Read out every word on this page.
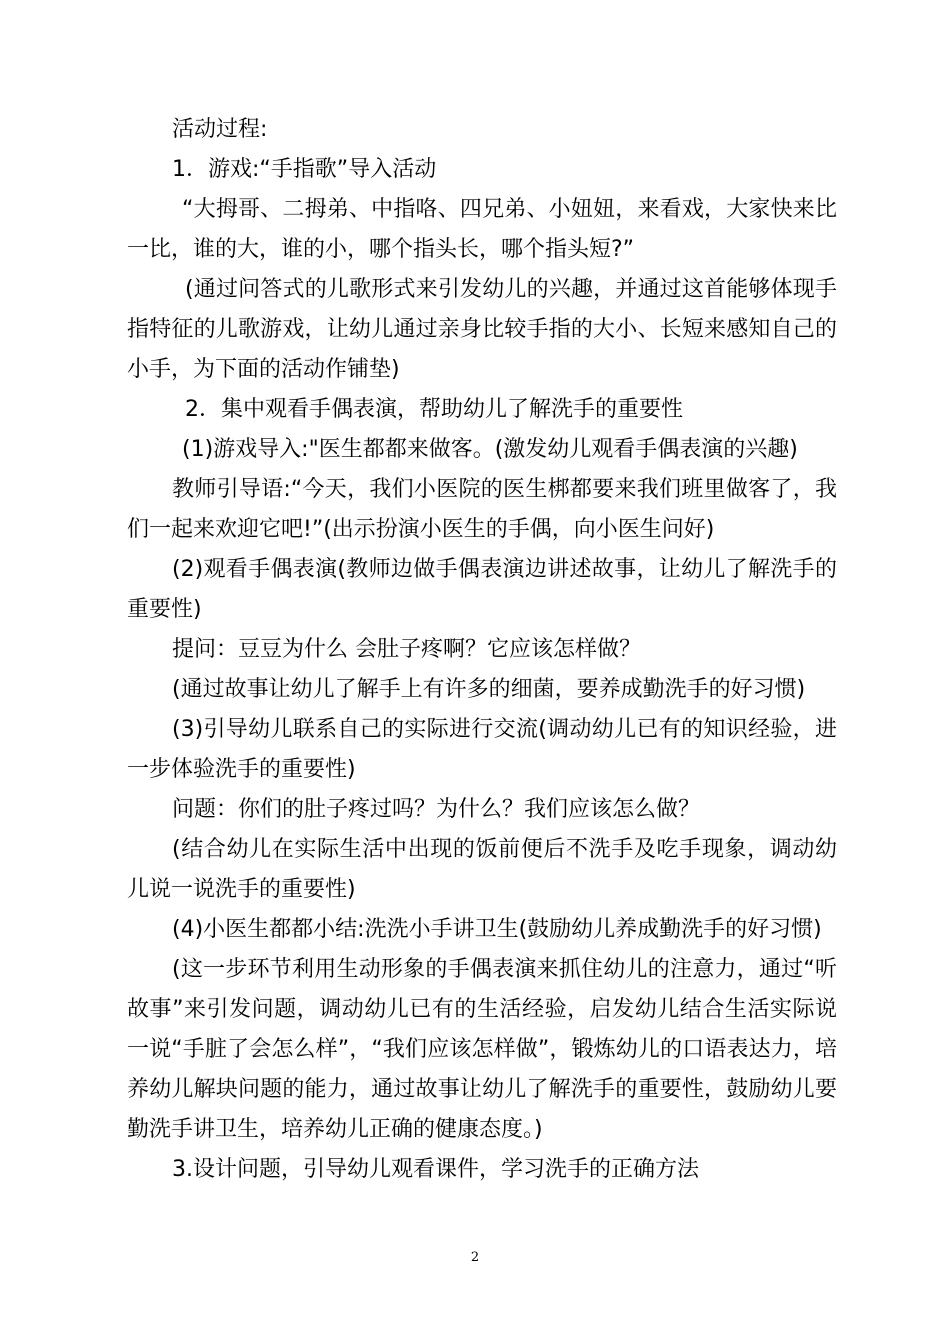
活动过程:

1．游戏:“手指歌”导入活动

“大拇哥、二拇弟、中指咯、四兄弟、小妞妞，来看戏，大家快来比一比，谁的大，谁的小，哪个指头长，哪个指头短?”

(通过问答式的儿歌形式来引发幼儿的兴趣，并通过这首能够体现手指特征的儿歌游戏，让幼儿通过亲身比较手指的大小、长短来感知自己的小手，为下面的活动作铺垫)

2．集中观看手偶表演，帮助幼儿了解洗手的重要性

(1)游戏导入:"医生都都来做客。(激发幼儿观看手偶表演的兴趣)

教师引导语:“今天，我们小医院的医生梆都要来我们班里做客了，我们一起来欢迎它吧!”(出示扮演小医生的手偶，向小医生问好)

(2)观看手偶表演(教师边做手偶表演边讲述故事，让幼儿了解洗手的重要性)

提问：豆豆为什么 会肚子疼啊？它应该怎样做？

(通过故事让幼儿了解手上有许多的细菌，要养成勤洗手的好习惯)

(3)引导幼儿联系自己的实际进行交流(调动幼儿已有的知识经验，进一步体验洗手的重要性)

问题：你们的肚子疼过吗？为什么？我们应该怎么做？

(结合幼儿在实际生活中出现的饭前便后不洗手及吃手现象，调动幼儿说一说洗手的重要性)

(4)小医生都都小结:洗洗小手讲卫生(鼓励幼儿养成勤洗手的好习惯)

(这一步环节利用生动形象的手偶表演来抓住幼儿的注意力，通过“听故事”来引发问题，调动幼儿已有的生活经验，启发幼儿结合生活实际说一说“手脏了会怎么样”，“我们应该怎样做”，锻炼幼儿的口语表达力，培养幼儿解块问题的能力，通过故事让幼儿了解洗手的重要性，鼓励幼儿要勤洗手讲卫生，培养幼儿正确的健康态度。)

3.设计问题，引导幼儿观看课件，学习洗手的正确方法

2
